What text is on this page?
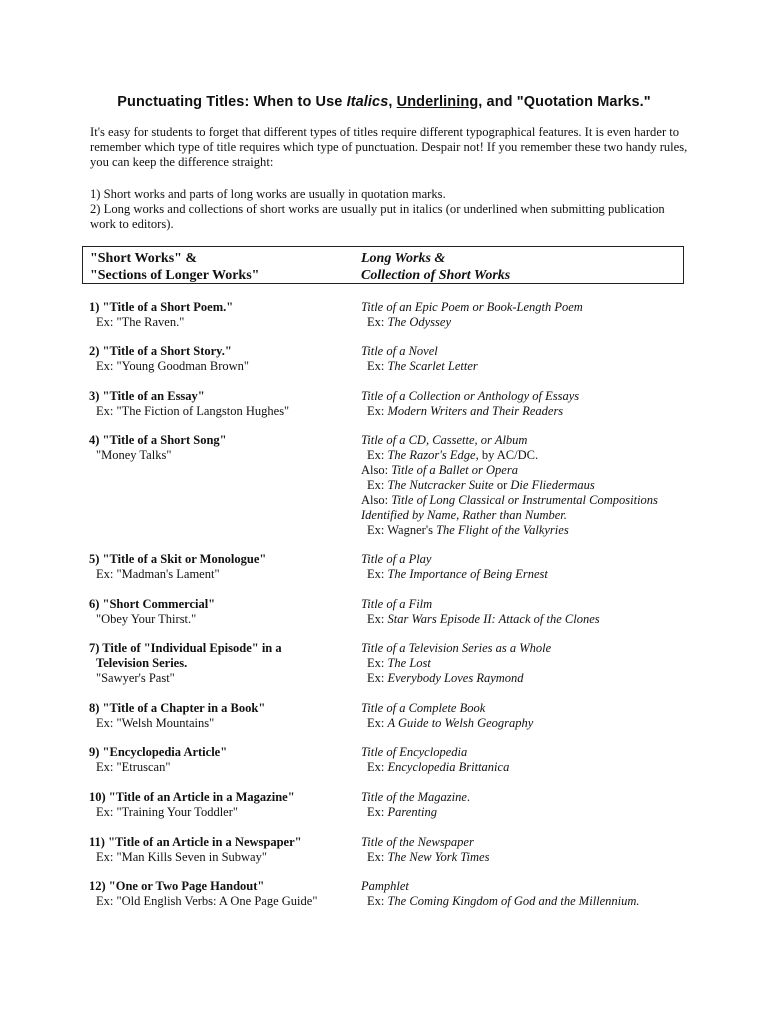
Punctuating Titles: When to Use Italics, Underlining, and "Quotation Marks."
It's easy for students to forget that different types of titles require different typographical features. It is even harder to remember which type of title requires which type of punctuation. Despair not! If you remember these two handy rules, you can keep the difference straight:
1) Short works and parts of long works are usually in quotation marks.
2) Long works and collections of short works are usually put in italics (or underlined when submitting publication work to editors).
"Short Works" &
"Sections of Longer Works"
Long Works &
Collection of Short Works
1) "Title of a Short Poem."
Ex: "The Raven."
Title of an Epic Poem or Book-Length Poem
Ex: The Odyssey
2) "Title of a Short Story."
Ex: "Young Goodman Brown"
Title of a Novel
Ex: The Scarlet Letter
3) "Title of an Essay"
Ex: "The Fiction of Langston Hughes"
Title of a Collection or Anthology of Essays
Ex: Modern Writers and Their Readers
4) "Title of a Short Song"
"Money Talks"
Title of a CD, Cassette, or Album
Ex: The Razor's Edge, by AC/DC.
Also: Title of a Ballet or Opera
Ex: The Nutcracker Suite or Die Fliedermaus
Also: Title of Long Classical or Instrumental Compositions
Identified by Name, Rather than Number.
Ex: Wagner's The Flight of the Valkyries
5) "Title of a Skit or Monologue"
Ex: "Madman's Lament"
Title of a Play
Ex: The Importance of Being Ernest
6) "Short Commercial"
"Obey Your Thirst."
Title of a Film
Ex: Star Wars Episode II: Attack of the Clones
7) Title of "Individual Episode" in a
Television Series.
"Sawyer's Past"
Title of a Television Series as a Whole
Ex: The Lost
Ex: Everybody Loves Raymond
8) "Title of a Chapter in a Book"
Ex: "Welsh Mountains"
Title of a Complete Book
Ex: A Guide to Welsh Geography
9) "Encyclopedia Article"
Ex: "Etruscan"
Title of Encyclopedia
Ex: Encyclopedia Brittanica
10) "Title of an Article in a Magazine"
Ex: "Training Your Toddler"
Title of the Magazine.
Ex: Parenting
11) "Title of an Article in a Newspaper"
Ex: "Man Kills Seven in Subway"
Title of the Newspaper
Ex: The New York Times
12) "One or Two Page Handout"
Ex: "Old English Verbs: A One Page Guide"
Pamphlet
Ex: The Coming Kingdom of God and the Millennium.
